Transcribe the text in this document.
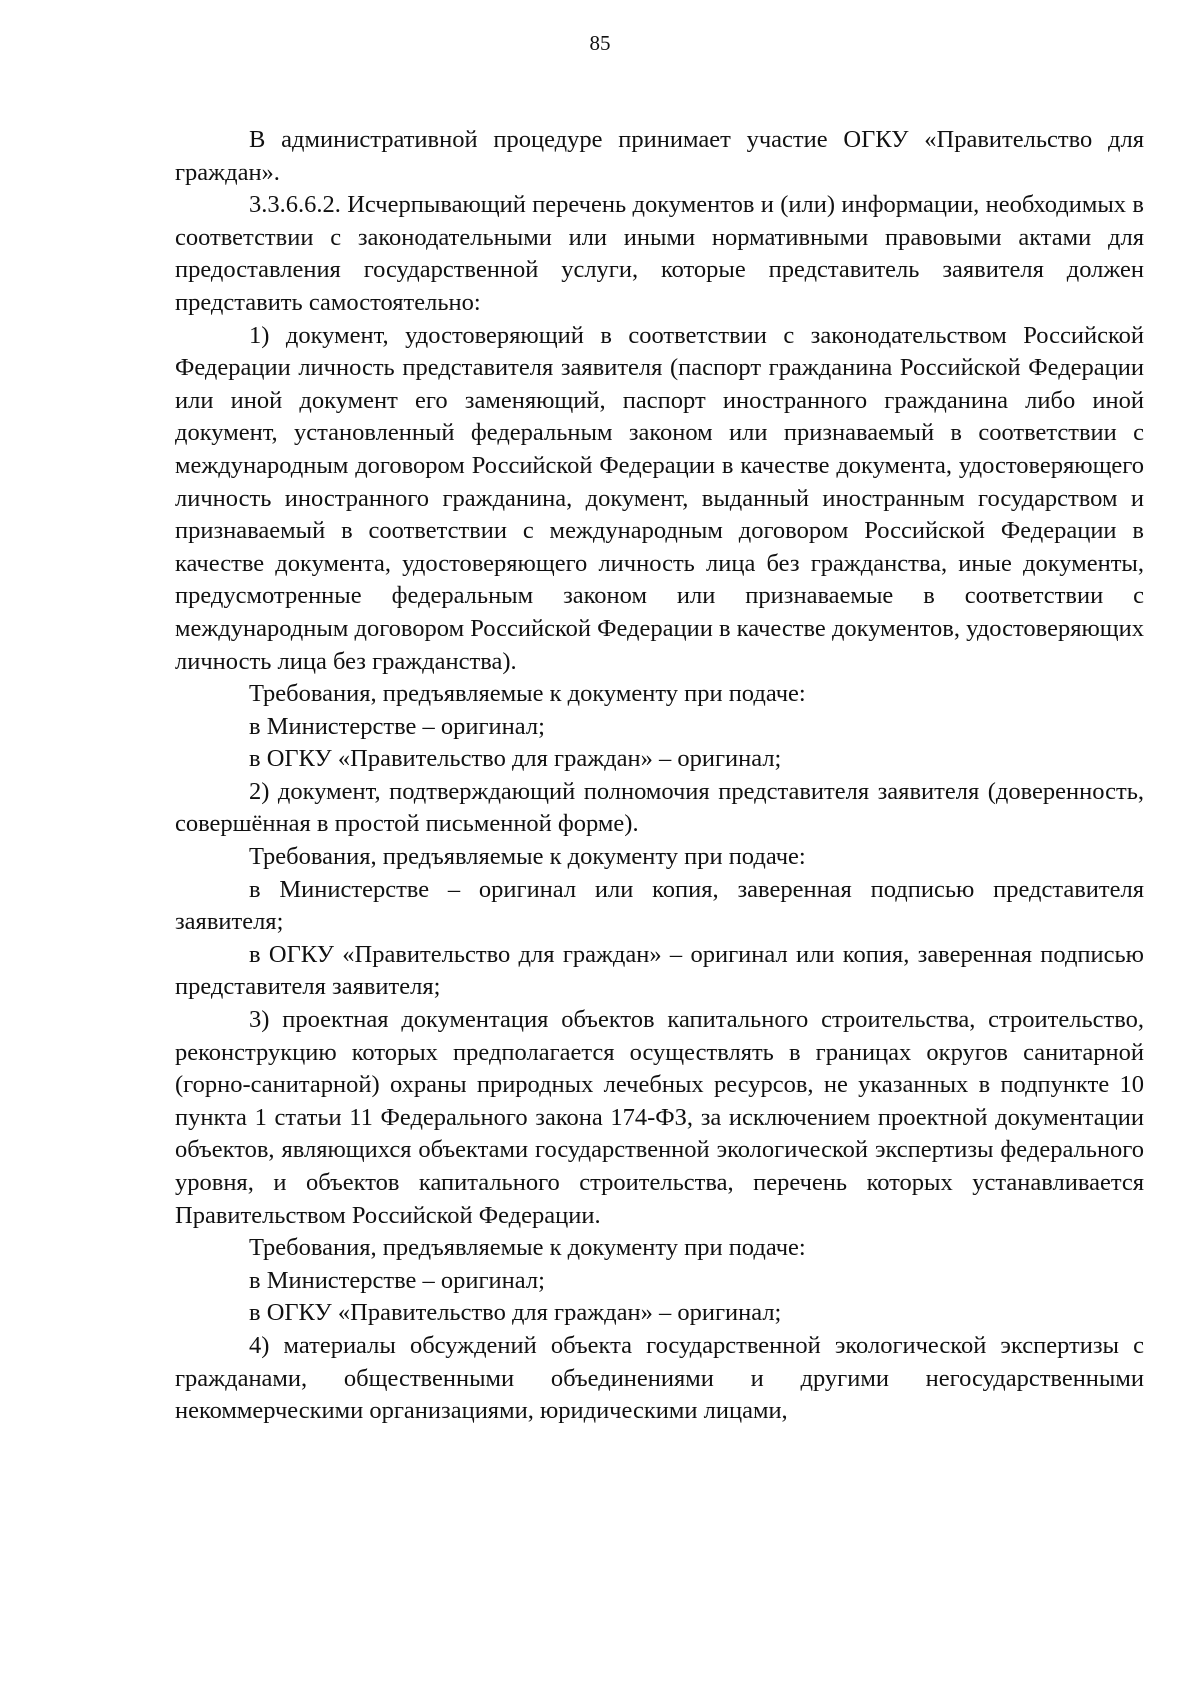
85

В административной процедуре принимает участие ОГКУ «Правительство для граждан».

3.3.6.6.2. Исчерпывающий перечень документов и (или) информации, необходимых в соответствии с законодательными или иными нормативными правовыми актами для предоставления государственной услуги, которые представитель заявителя должен представить самостоятельно:

1) документ, удостоверяющий в соответствии с законодательством Российской Федерации личность представителя заявителя (паспорт гражданина Российской Федерации или иной документ его заменяющий, паспорт иностранного гражданина либо иной документ, установленный федеральным законом или признаваемый в соответствии с международным договором Российской Федерации в качестве документа, удостоверяющего личность иностранного гражданина, документ, выданный иностранным государством и признаваемый в соответствии с международным договором Российской Федерации в качестве документа, удостоверяющего личность лица без гражданства, иные документы, предусмотренные федеральным законом или признаваемые в соответствии с международным договором Российской Федерации в качестве документов, удостоверяющих личность лица без гражданства).

Требования, предъявляемые к документу при подаче:

в Министерстве – оригинал;

в ОГКУ «Правительство для граждан» – оригинал;

2) документ, подтверждающий полномочия представителя заявителя (доверенность, совершённая в простой письменной форме).

Требования, предъявляемые к документу при подаче:

в Министерстве – оригинал или копия, заверенная подписью представителя заявителя;

в ОГКУ «Правительство для граждан» – оригинал или копия, заверенная подписью представителя заявителя;

3) проектная документация объектов капитального строительства, строительство, реконструкцию которых предполагается осуществлять в границах округов санитарной (горно-санитарной) охраны природных лечебных ресурсов, не указанных в подпункте 10 пункта 1 статьи 11 Федерального закона 174-ФЗ, за исключением проектной документации объектов, являющихся объектами государственной экологической экспертизы федерального уровня, и объектов капитального строительства, перечень которых устанавливается Правительством Российской Федерации.

Требования, предъявляемые к документу при подаче:

в Министерстве – оригинал;

в ОГКУ «Правительство для граждан» – оригинал;

4) материалы обсуждений объекта государственной экологической экспертизы с гражданами, общественными объединениями и другими негосударственными некоммерческими организациями, юридическими лицами,
